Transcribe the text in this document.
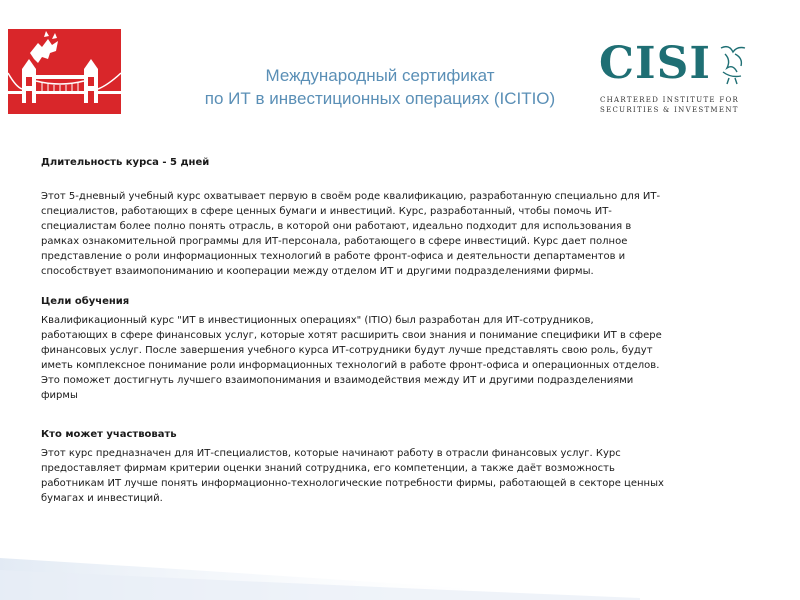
Международный сертификат
по ИТ в инвестиционных операциях (ICITIO)
CISI
CHARTERED INSTITUTE FOR
SECURITIES & INVESTMENT

Длительность курса - 5 дней

Этот 5-дневный учебный курс охватывает первую в своём роде квалификацию, разработанную специально для ИТ-
специалистов, работающих в сфере ценных бумаги и инвестиций. Курс, разработанный, чтобы помочь ИТ-
специалистам более полно понять отрасль, в которой они работают, идеально подходит для использования в
рамках ознакомительной программы для ИТ-персонала, работающего в сфере инвестиций. Курс дает полное
представление о роли информационных технологий в работе фронт-офиса и деятельности департаментов и
способствует взаимопониманию и кооперации между отделом ИТ и другими подразделениями фирмы.

Цели обучения

Квалификационный курс "ИТ в инвестиционных операциях" (ITIO) был разработан для ИТ-сотрудников,
работающих в сфере финансовых услуг, которые хотят расширить свои знания и понимание специфики ИТ в сфере
финансовых услуг. После завершения учебного курса ИТ-сотрудники будут лучше представлять свою роль, будут
иметь комплексное понимание роли информационных технологий в работе фронт-офиса и операционных отделов.
Это поможет достигнуть лучшего взаимопонимания и взаимодействия между ИТ и другими подразделениями
фирмы

Кто может участвовать

Этот курс предназначен для ИТ-специалистов, которые начинают работу в отрасли финансовых услуг. Курс
предоставляет фирмам критерии оценки знаний сотрудника, его компетенции, а также даёт возможность
работникам ИТ лучше понять информационно-технологические потребности фирмы, работающей в секторе ценных
бумагах и инвестиций.
